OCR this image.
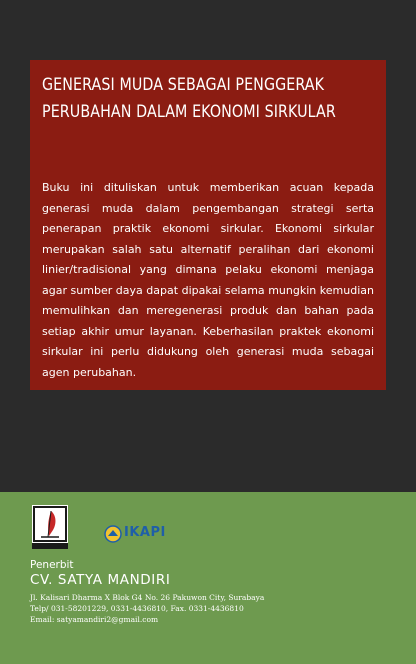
GENERASI MUDA SEBAGAI PENGGERAK
PERUBAHAN DALAM EKONOMI SIRKULAR

Buku ini dituliskan untuk memberikan acuan kepada generasi muda dalam pengembangan strategi serta penerapan praktik ekonomi sirkular. Ekonomi sirkular merupakan salah satu alternatif peralihan dari ekonomi linier/tradisional yang dimana pelaku ekonomi menjaga agar sumber daya dapat dipakai selama mungkin kemudian memulihkan dan meregenerasi produk dan bahan pada setiap akhir umur layanan. Keberhasilan praktek ekonomi sirkular ini perlu didukung oleh generasi muda sebagai agen perubahan.

IKAPI
Penerbit
CV. SATYA MANDIRI
Jl. Kalisari Dharma X Blok G4 No. 26 Pakuwon City, Surabaya
Telp/ 031-58201229, 0331-4436810, Fax. 0331-4436810
Email: satyamandiri2@gmail.com
